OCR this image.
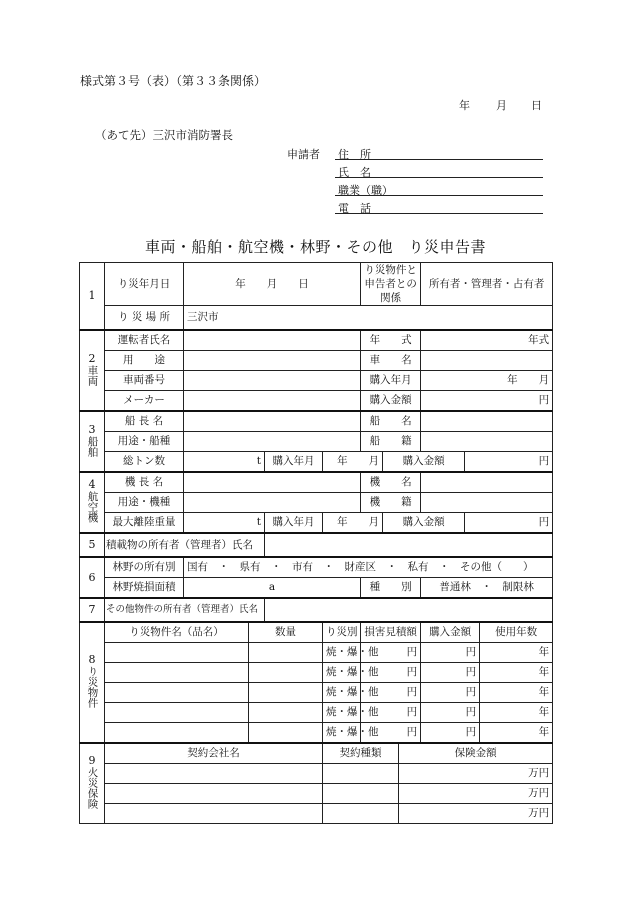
様式第３号（表）（第３３条関係）
年 月 日
（あて先）三沢市消防署長
申請者 住　所
氏　名
職業（職）
電　話
車両・船舶・航空機・林野・その他　り災申告書
1	り災年月日	年　　月　　日				り災物件と 申告者との関係			所有者・管理者・占有者		
	り 災 場 所	三沢市									
2
車両	運転者氏名					年　　式			年式		
	用　　途					車　　名					
	車両番号					購入年月			年　　月		
	メーカー					購入金額			円		
3
船舶	船 長 名					船　　名					
	用途・船種					船　　籍					
	総トン数	t		購入年月	年　　月		購入金額			円	
4
航空機	機 長 名					機　　名					
	用途・機種					機　　籍					
	最大離陸重量	t		購入年月	年　　月		購入金額			円	
5	積載物の所有者（管理者）氏名										
6	林野の所有別	国有　・　県有　・　市有　・　財産区　・　私有　・　その他（　　）									
	林野焼損面積	a				種　　別			普通林　・　制限林		
7	その他物件の所有者（管理者）氏名										
8
り災物件	り災物件名（品名）		数量		り災別	損害見積額			購入金額		使用年数
					焼・爆・他	円			円		年
					焼・爆・他	円			円		年
					焼・爆・他	円			円		年
					焼・爆・他	円			円		年
					焼・爆・他	円			円		年
9
火災保険	契約会社名				契約種類			保険金額			
								万円			
								万円			
								万円			
